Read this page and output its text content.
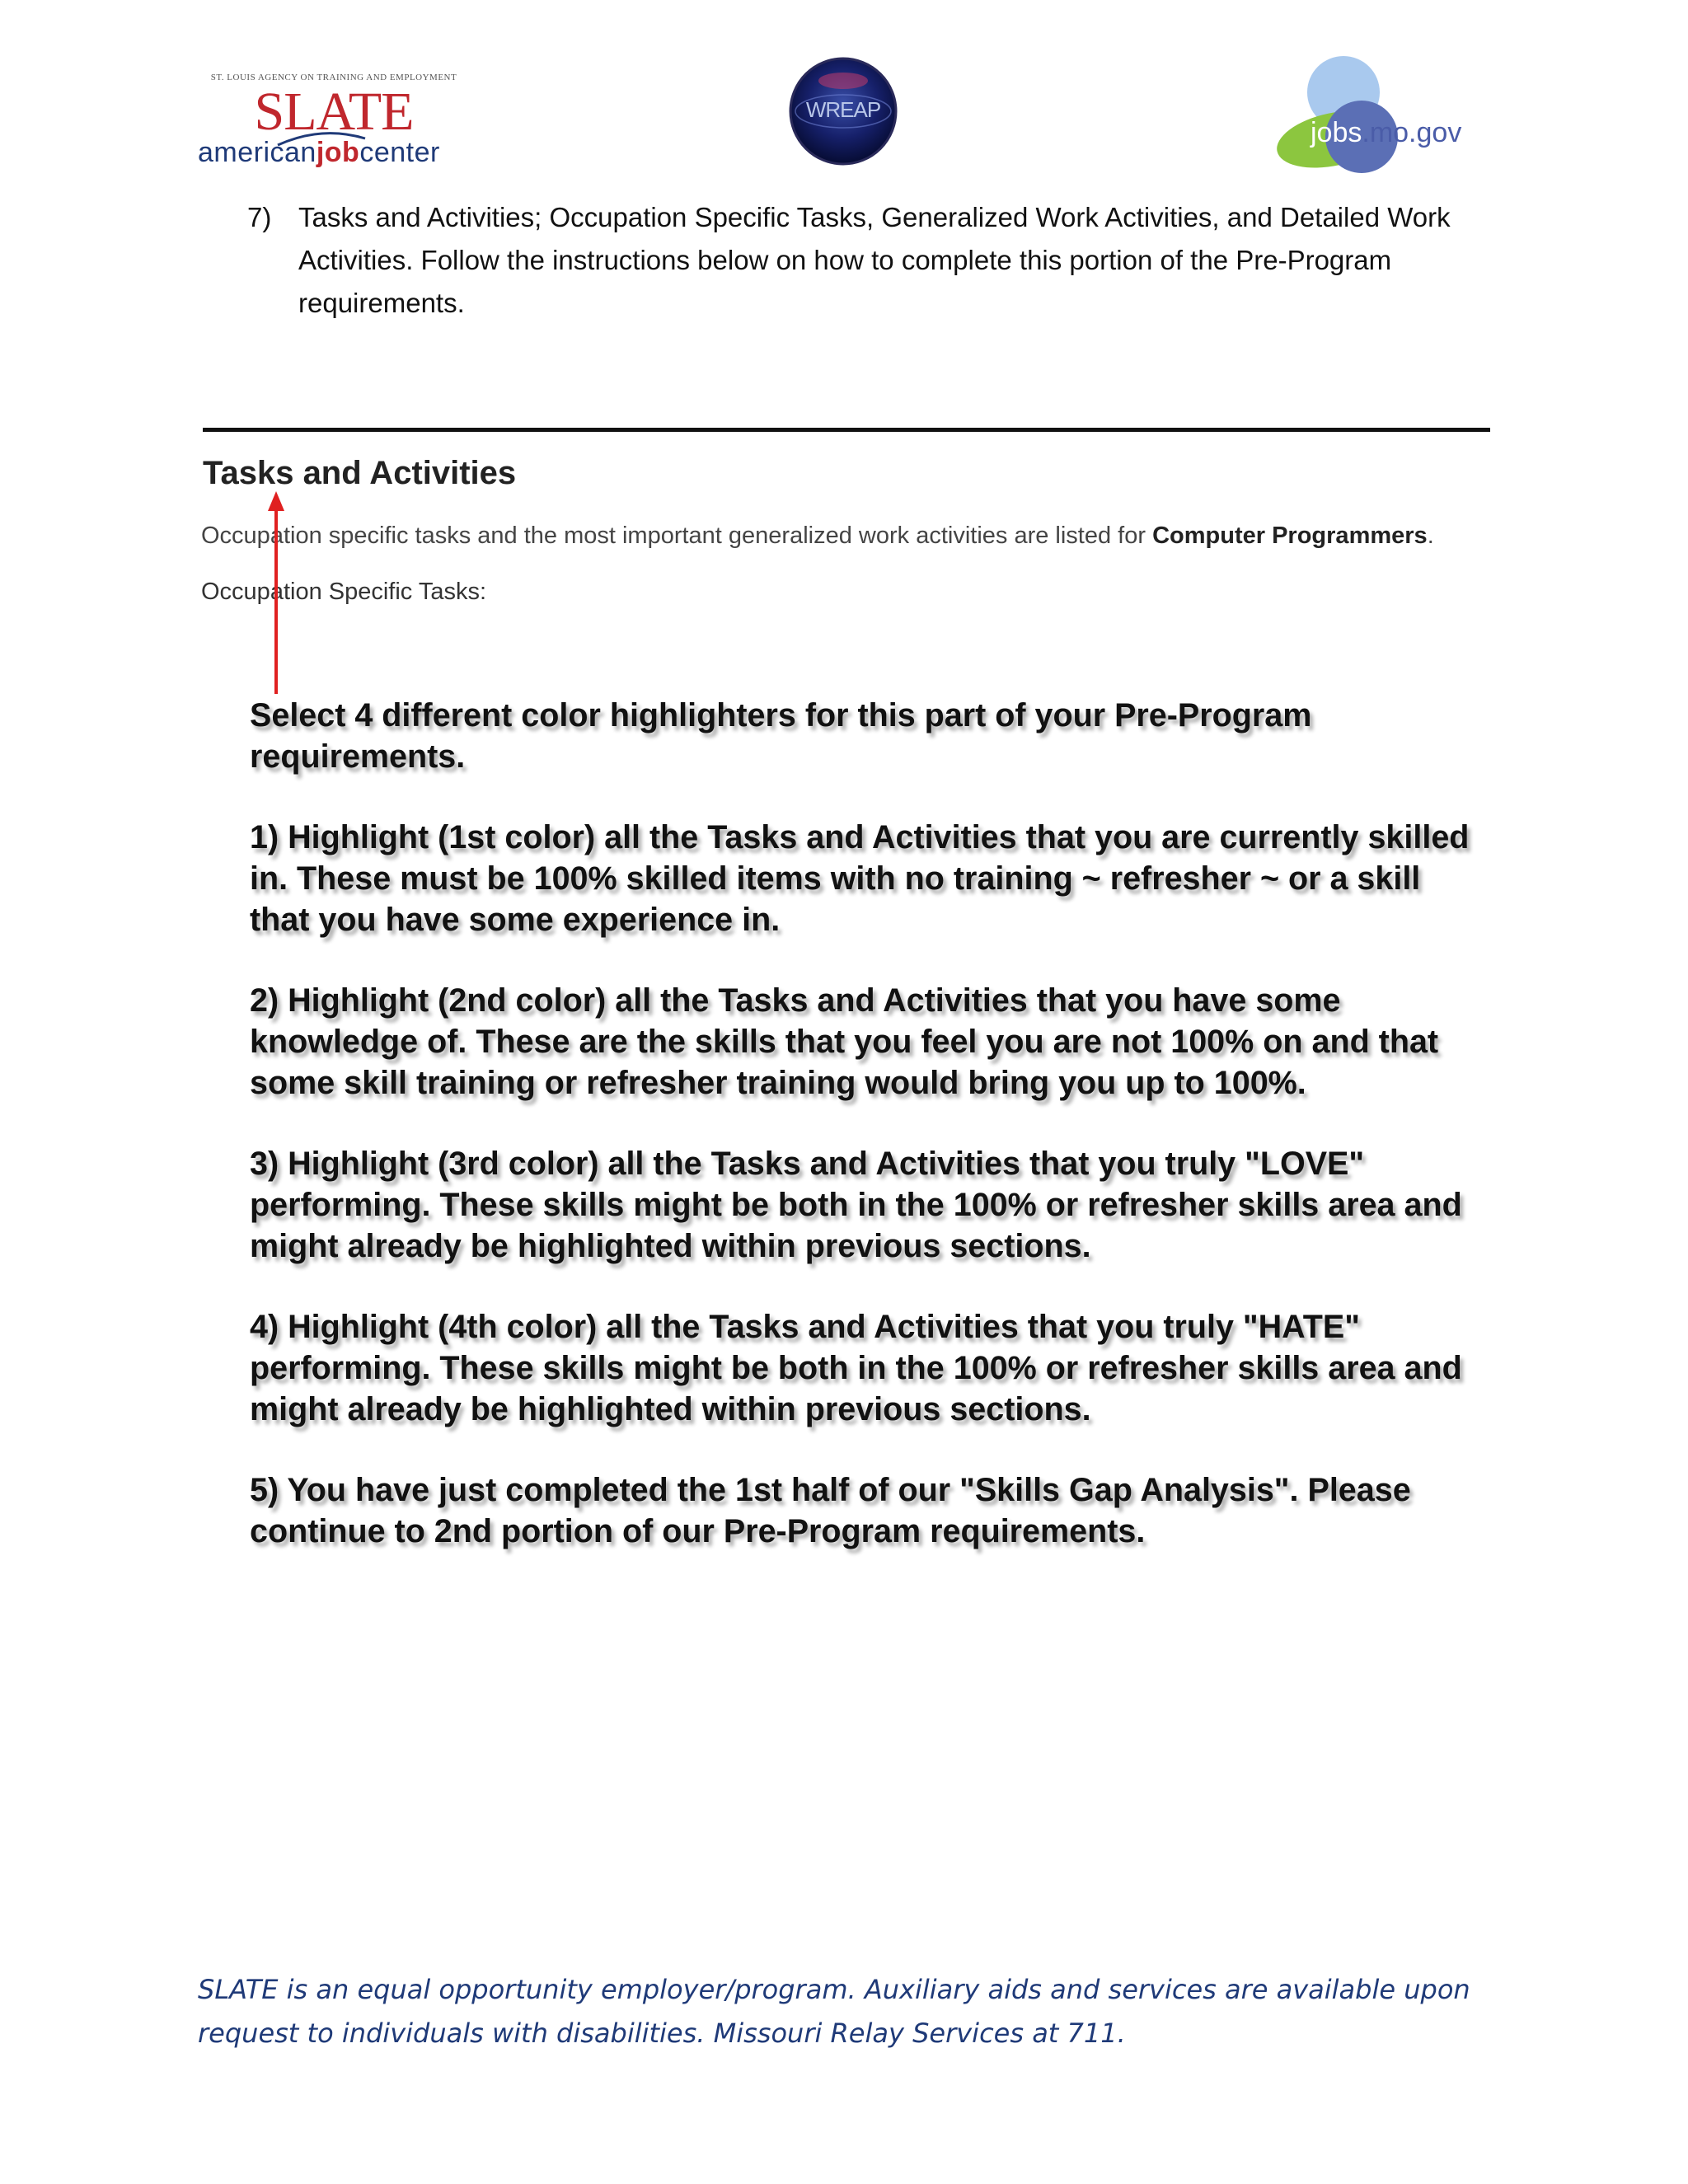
ST. LOUIS AGENCY ON TRAINING AND EMPLOYMENT
SLATE
americanjobcenter
WREAP
jobs.mo.gov
7) Tasks and Activities; Occupation Specific Tasks, Generalized Work Activities, and Detailed Work Activities. Follow the instructions below on how to complete this portion of the Pre-Program requirements.
Tasks and Activities
Occupation specific tasks and the most important generalized work activities are listed for Computer Programmers.
Occupation Specific Tasks:

Select 4 different color highlighters for this part of your Pre-Program requirements.

1) Highlight (1st color) all the Tasks and Activities that you are currently skilled in. These must be 100% skilled items with no training ~ refresher ~ or a skill that you have some experience in.

2) Highlight (2nd color) all the Tasks and Activities that you have some knowledge of. These are the skills that you feel you are not 100% on and that some skill training or refresher training would bring you up to 100%.

3) Highlight (3rd color) all the Tasks and Activities that you truly "LOVE" performing. These skills might be both in the 100% or refresher skills area and might already be highlighted within previous sections.

4) Highlight (4th color) all the Tasks and Activities that you truly "HATE" performing. These skills might be both in the 100% or refresher skills area and might already be highlighted within previous sections.

5) You have just completed the 1st half of our "Skills Gap Analysis". Please continue to 2nd portion of our Pre-Program requirements.

SLATE is an equal opportunity employer/program. Auxiliary aids and services are available upon request to individuals with disabilities. Missouri Relay Services at 711.
